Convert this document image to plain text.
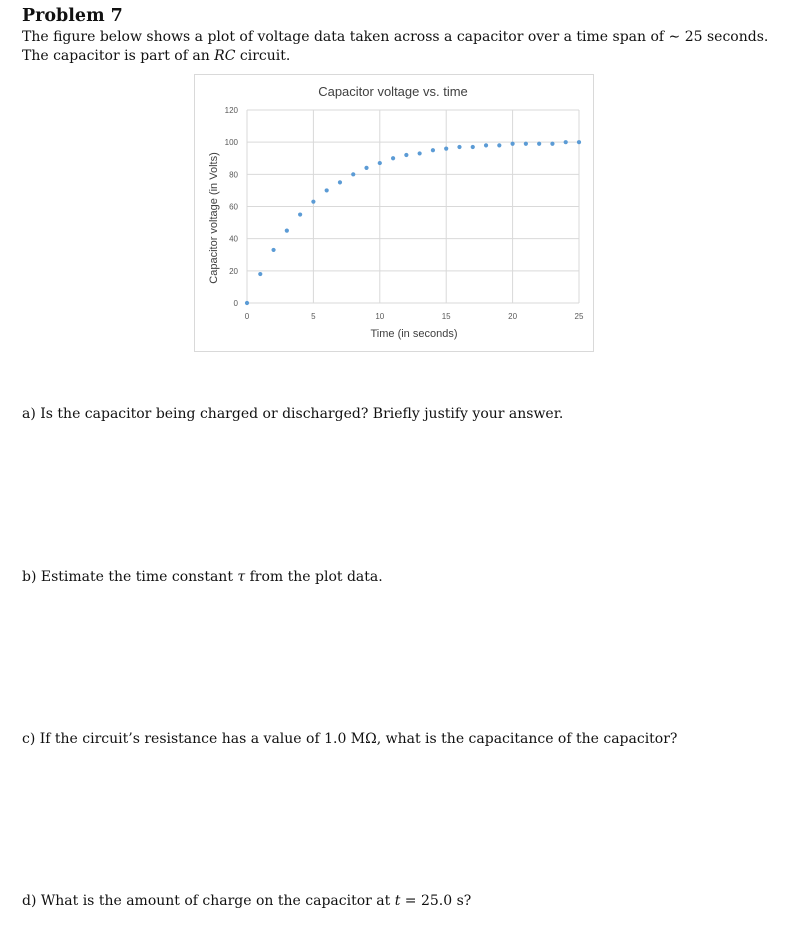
Problem 7
The figure below shows a plot of voltage data taken across a capacitor over a time span of ∼ 25 seconds.
The capacitor is part of an RC circuit.
Capacitor voltage vs. time
Capacitor voltage (in Volts)
Time (in seconds)
0
20
40
60
80
100
120
0	5	10	15	20	25

a) Is the capacitor being charged or discharged? Briefly justify your answer.

b) Estimate the time constant τ from the plot data.

c) If the circuit’s resistance has a value of 1.0 MΩ, what is the capacitance of the capacitor?

d) What is the amount of charge on the capacitor at t = 25.0 s?
